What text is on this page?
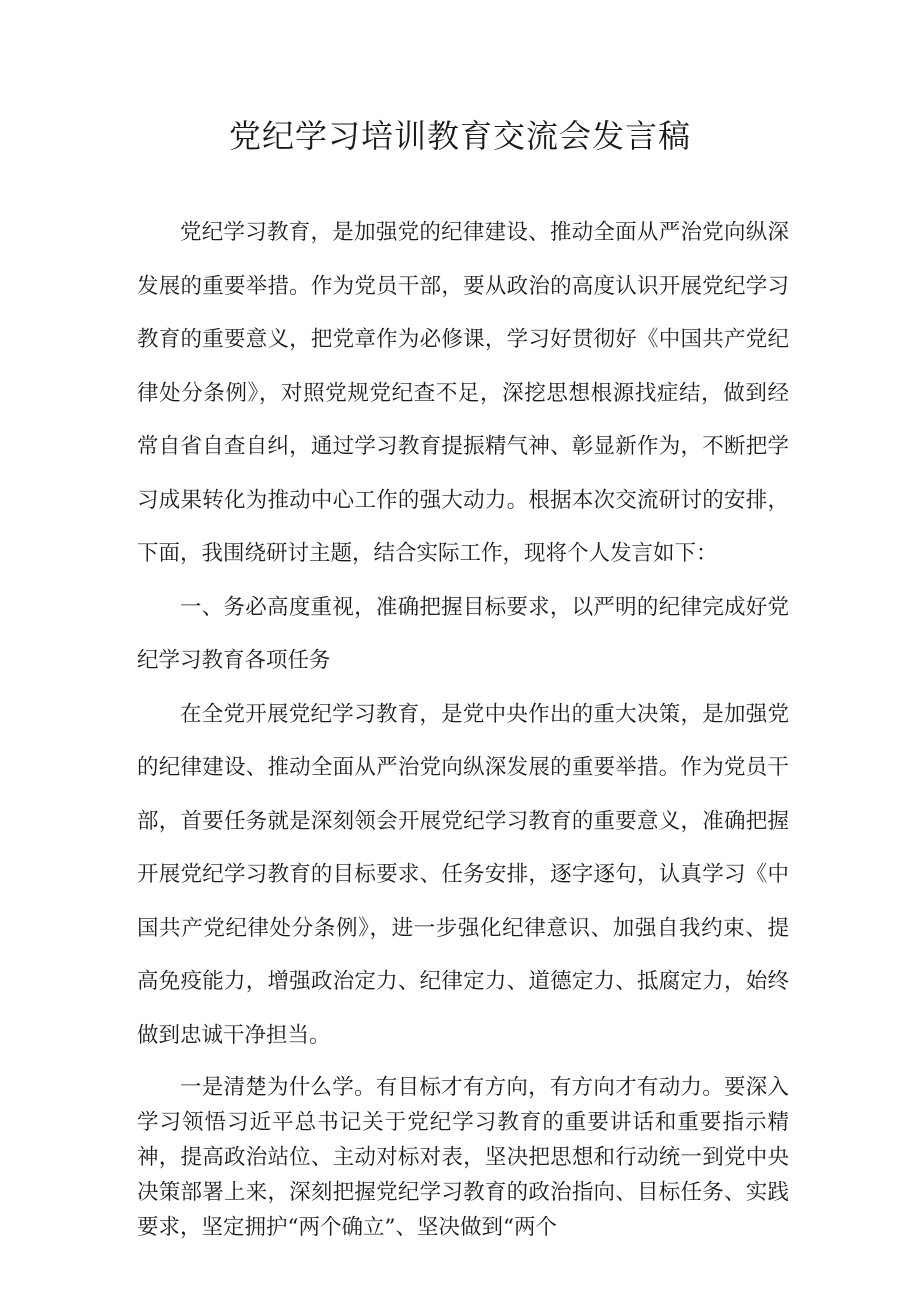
党纪学习培训教育交流会发言稿

党纪学习教育，是加强党的纪律建设、推动全面从严治党向纵深发展的重要举措。作为党员干部，要从政治的高度认识开展党纪学习教育的重要意义，把党章作为必修课，学习好贯彻好《中国共产党纪律处分条例》，对照党规党纪查不足，深挖思想根源找症结，做到经常自省自查自纠，通过学习教育提振精气神、彰显新作为，不断把学习成果转化为推动中心工作的强大动力。根据本次交流研讨的安排，下面，我围绕研讨主题，结合实际工作，现将个人发言如下：

一、务必高度重视，准确把握目标要求，以严明的纪律完成好党纪学习教育各项任务

在全党开展党纪学习教育，是党中央作出的重大决策，是加强党的纪律建设、推动全面从严治党向纵深发展的重要举措。作为党员干部，首要任务就是深刻领会开展党纪学习教育的重要意义，准确把握开展党纪学习教育的目标要求、任务安排，逐字逐句，认真学习《中国共产党纪律处分条例》，进一步强化纪律意识、加强自我约束、提高免疫能力，增强政治定力、纪律定力、道德定力、抵腐定力，始终做到忠诚干净担当。

一是清楚为什么学。有目标才有方向，有方向才有动力。要深入学习领悟习近平总书记关于党纪学习教育的重要讲话和重要指示精神，提高政治站位、主动对标对表，坚决把思想和行动统一到党中央决策部署上来，深刻把握党纪学习教育的政治指向、目标任务、实践要求，坚定拥护“两个确立”、坚决做到“两个
